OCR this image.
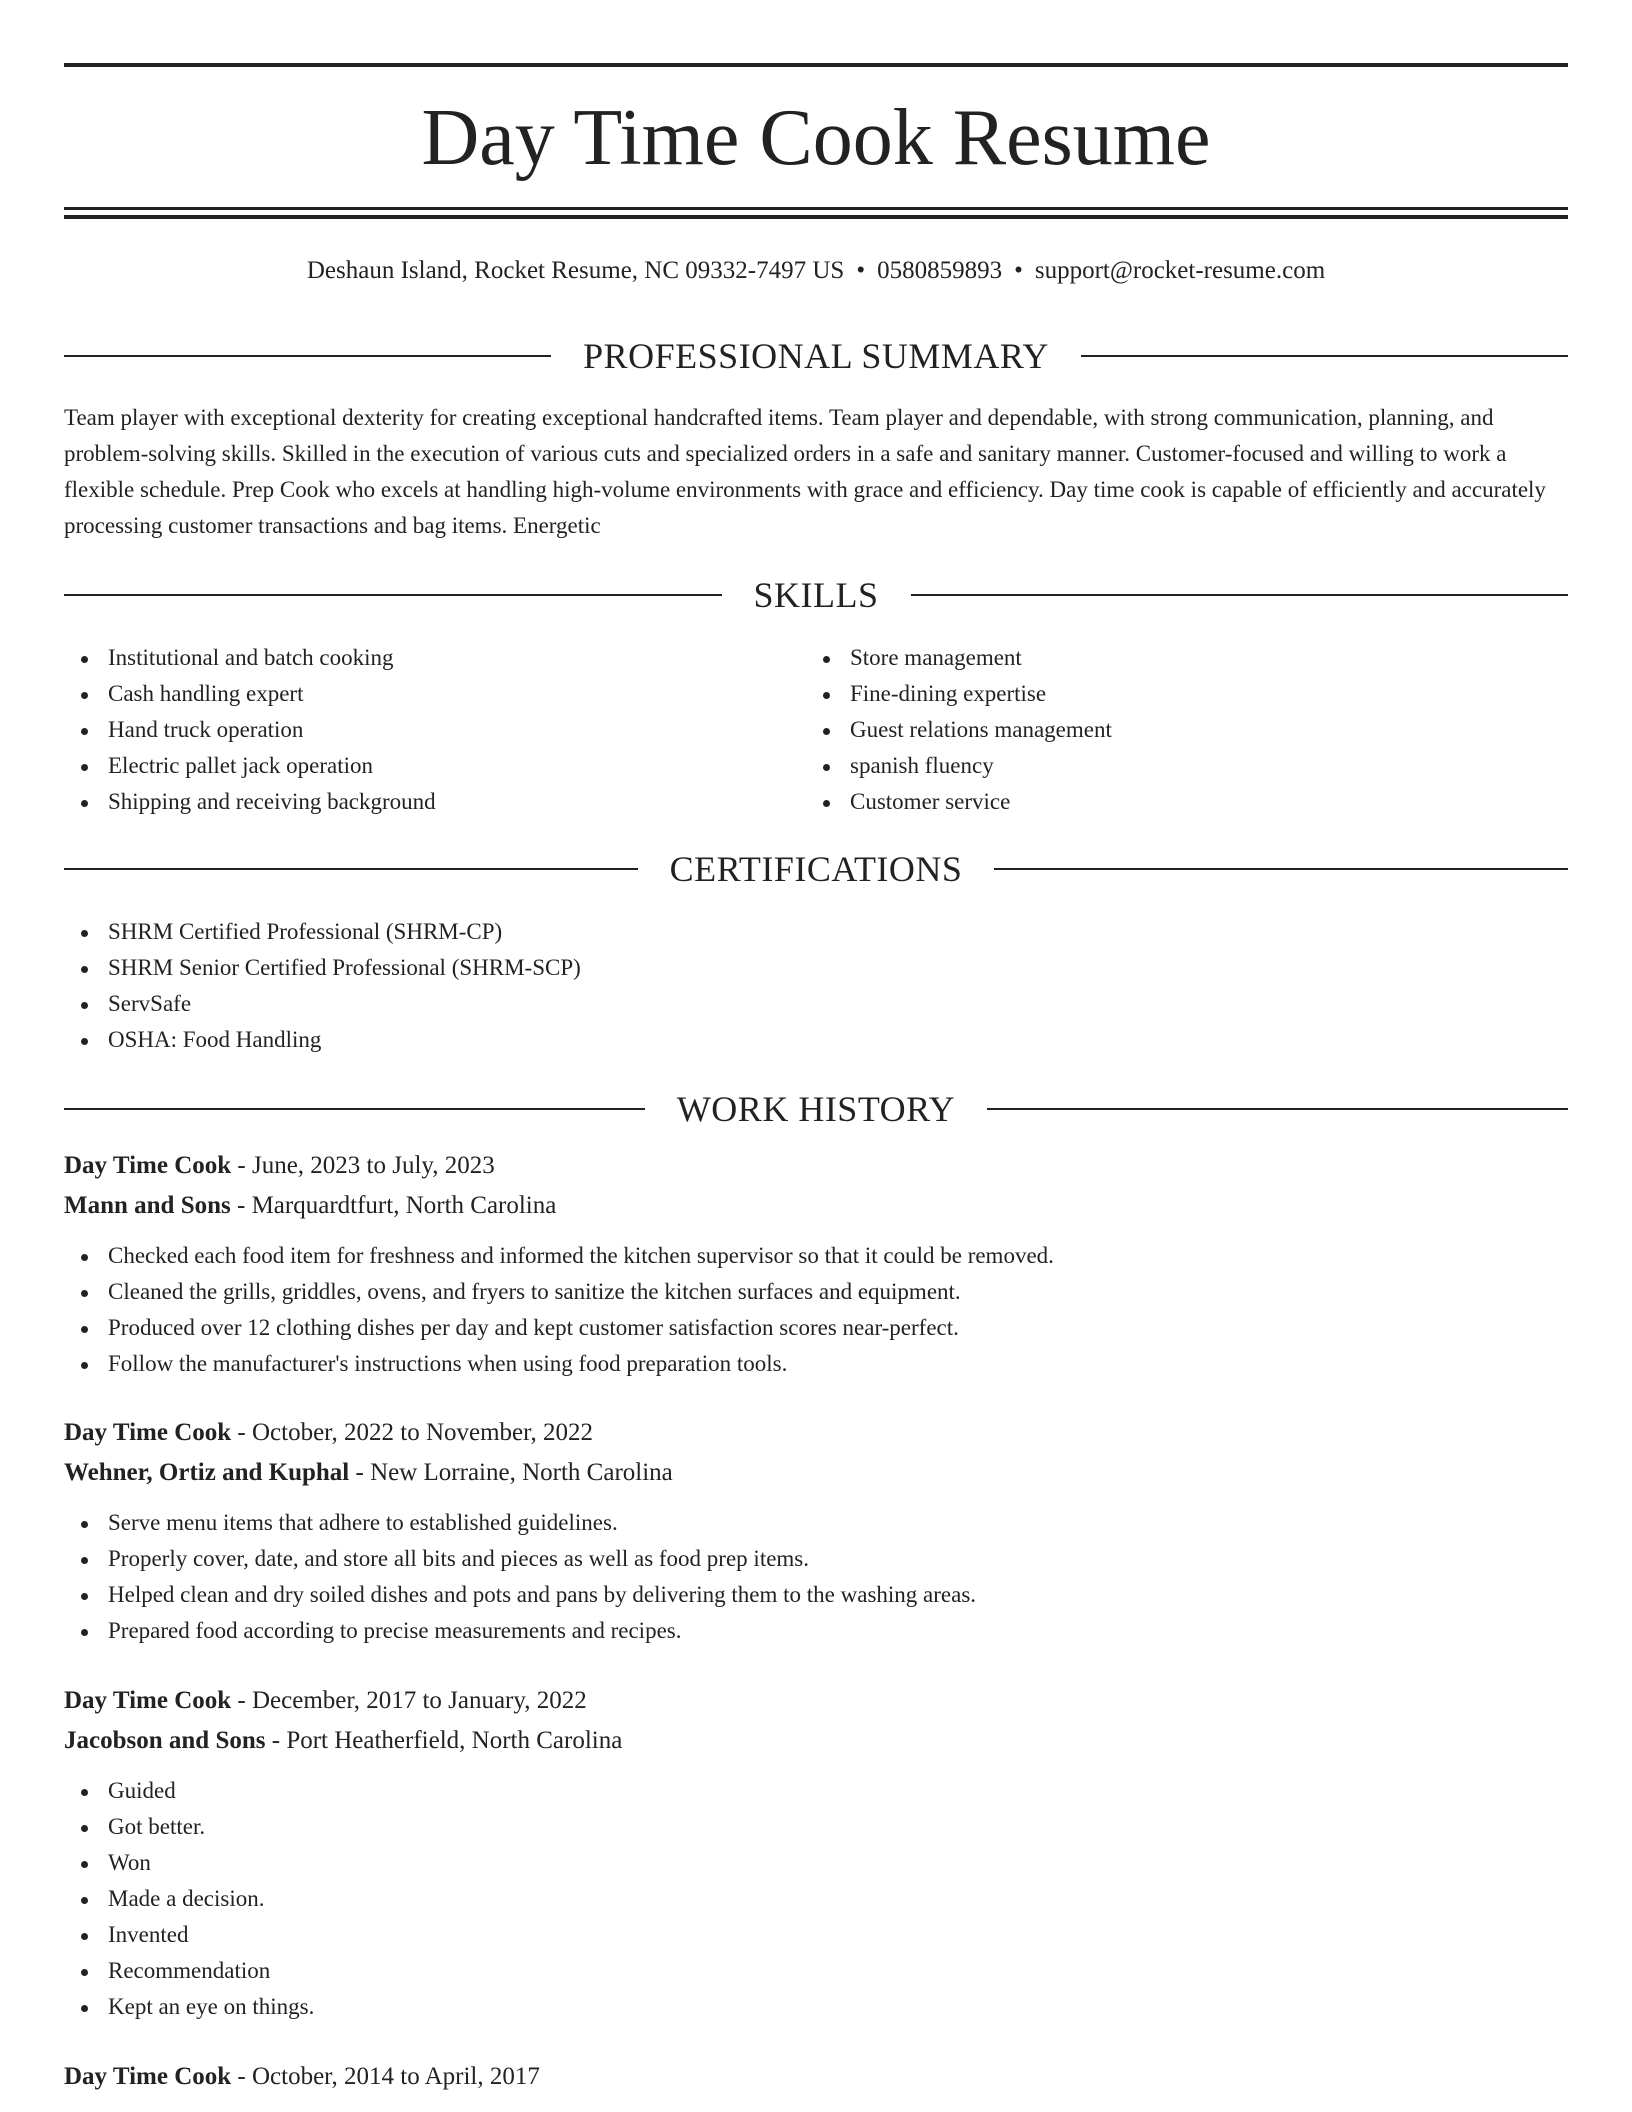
Day Time Cook Resume
Deshaun Island, Rocket Resume, NC 09332-7497 US • 0580859893 • support@rocket-resume.com
PROFESSIONAL SUMMARY

Team player with exceptional dexterity for creating exceptional handcrafted items. Team player and dependable, with strong communication, planning, and problem-solving skills. Skilled in the execution of various cuts and specialized orders in a safe and sanitary manner. Customer-focused and willing to work a flexible schedule. Prep Cook who excels at handling high-volume environments with grace and efficiency. Day time cook is capable of efficiently and accurately processing customer transactions and bag items. Energetic

SKILLS
Institutional and batch cooking
Cash handling expert
Hand truck operation
Electric pallet jack operation
Shipping and receiving background
Store management
Fine-dining expertise
Guest relations management
spanish fluency
Customer service
CERTIFICATIONS
SHRM Certified Professional (SHRM-CP)
SHRM Senior Certified Professional (SHRM-SCP)
ServSafe
OSHA: Food Handling
WORK HISTORY
Day Time Cook - June, 2023 to July, 2023
Mann and Sons - Marquardtfurt, North Carolina
Checked each food item for freshness and informed the kitchen supervisor so that it could be removed.
Cleaned the grills, griddles, ovens, and fryers to sanitize the kitchen surfaces and equipment.
Produced over 12 clothing dishes per day and kept customer satisfaction scores near-perfect.
Follow the manufacturer's instructions when using food preparation tools.
Day Time Cook - October, 2022 to November, 2022
Wehner, Ortiz and Kuphal - New Lorraine, North Carolina
Serve menu items that adhere to established guidelines.
Properly cover, date, and store all bits and pieces as well as food prep items.
Helped clean and dry soiled dishes and pots and pans by delivering them to the washing areas.
Prepared food according to precise measurements and recipes.
Day Time Cook - December, 2017 to January, 2022
Jacobson and Sons - Port Heatherfield, North Carolina
Guided
Got better.
Won
Made a decision.
Invented
Recommendation
Kept an eye on things.
Day Time Cook - October, 2014 to April, 2017
